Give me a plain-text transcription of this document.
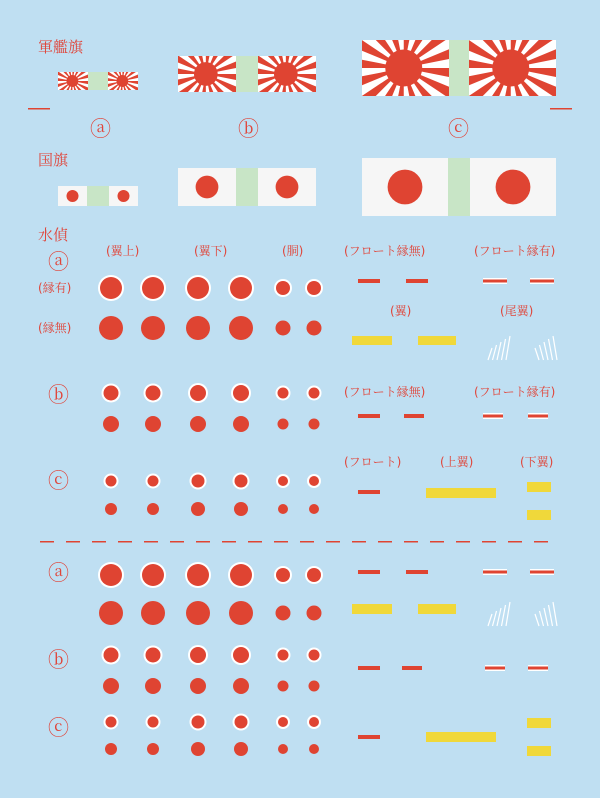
軍艦旗
国旗
水偵
ⓐ	ⓑ	ⓒ
ⓐ
ⓑ
ⓒ
ⓐ
ⓑ
ⓒ
(縁有)
(縁無)
(翼上)	(翼下)	(胴)	(フロート縁無)	(フロート縁有)
(翼)	(尾翼)
(フロート縁無)	(フロート縁有)
(フロート)	(上翼)	(下翼)
